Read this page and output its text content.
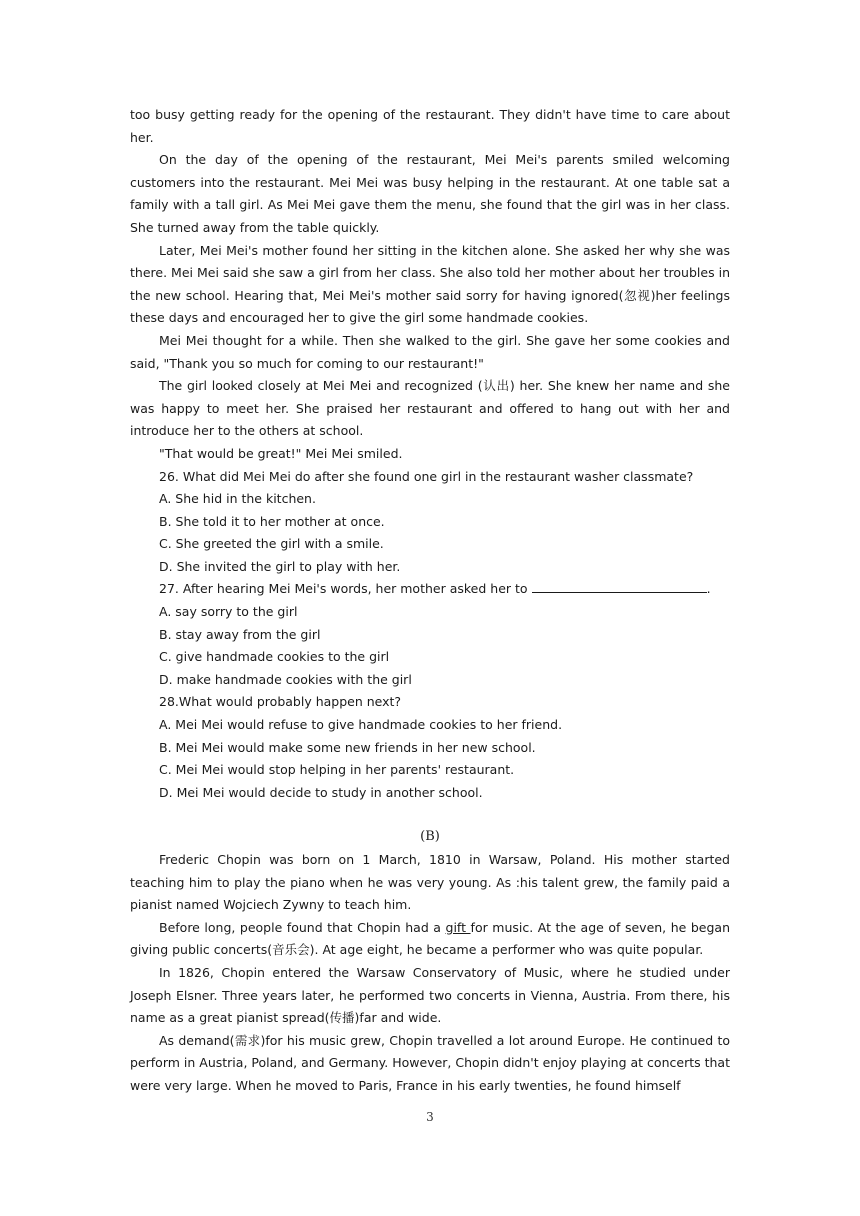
too busy getting ready for the opening of the restaurant. They didn't have time to care about her.

On the day of the opening of the restaurant, Mei Mei's parents smiled welcoming customers into the restaurant. Mei Mei was busy helping in the restaurant. At one table sat a family with a tall girl. As Mei Mei gave them the menu, she found that the girl was in her class. She turned away from the table quickly.

Later, Mei Mei's mother found her sitting in the kitchen alone. She asked her why she was there. Mei Mei said she saw a girl from her class. She also told her mother about her troubles in the new school. Hearing that, Mei Mei's mother said sorry for having ignored(忽视)her feelings these days and encouraged her to give the girl some handmade cookies.

Mei Mei thought for a while. Then she walked to the girl. She gave her some cookies and said, "Thank you so much for coming to our restaurant!"

The girl looked closely at Mei Mei and recognized (认出) her. She knew her name and she was happy to meet her. She praised her restaurant and offered to hang out with her and introduce her to the others at school.

"That would be great!" Mei Mei smiled.

26. What did Mei Mei do after she found one girl in the restaurant washer classmate?

A. She hid in the kitchen.

B. She told it to her mother at once.

C. She greeted the girl with a smile.

D. She invited the girl to play with her.

27. After hearing Mei Mei's words, her mother asked her to	.

A. say sorry to the girl

B. stay away from the girl

C. give handmade cookies to the girl

D. make handmade cookies with the girl

28.What would probably happen next?

A. Mei Mei would refuse to give handmade cookies to her friend.

B. Mei Mei would make some new friends in her new school.

C. Mei Mei would stop helping in her parents' restaurant.

D. Mei Mei would decide to study in another school.

(B)

Frederic Chopin was born on 1 March, 1810 in Warsaw, Poland. His mother started teaching him to play the piano when he was very young. As :his talent grew, the family paid a pianist named Wojciech Zywny to teach him.

Before long, people found that Chopin had a gift for music. At the age of seven, he began giving public concerts(音乐会). At age eight, he became a performer who was quite popular.

In 1826, Chopin entered the Warsaw Conservatory of Music, where he studied under Joseph Elsner. Three years later, he performed two concerts in Vienna, Austria. From there, his name as a great pianist spread(传播)far and wide.

As demand(需求)for his music grew, Chopin travelled a lot around Europe. He continued to perform in Austria, Poland, and Germany. However, Chopin didn't enjoy playing at concerts that were very large. When he moved to Paris, France in his early twenties, he found himself

3
